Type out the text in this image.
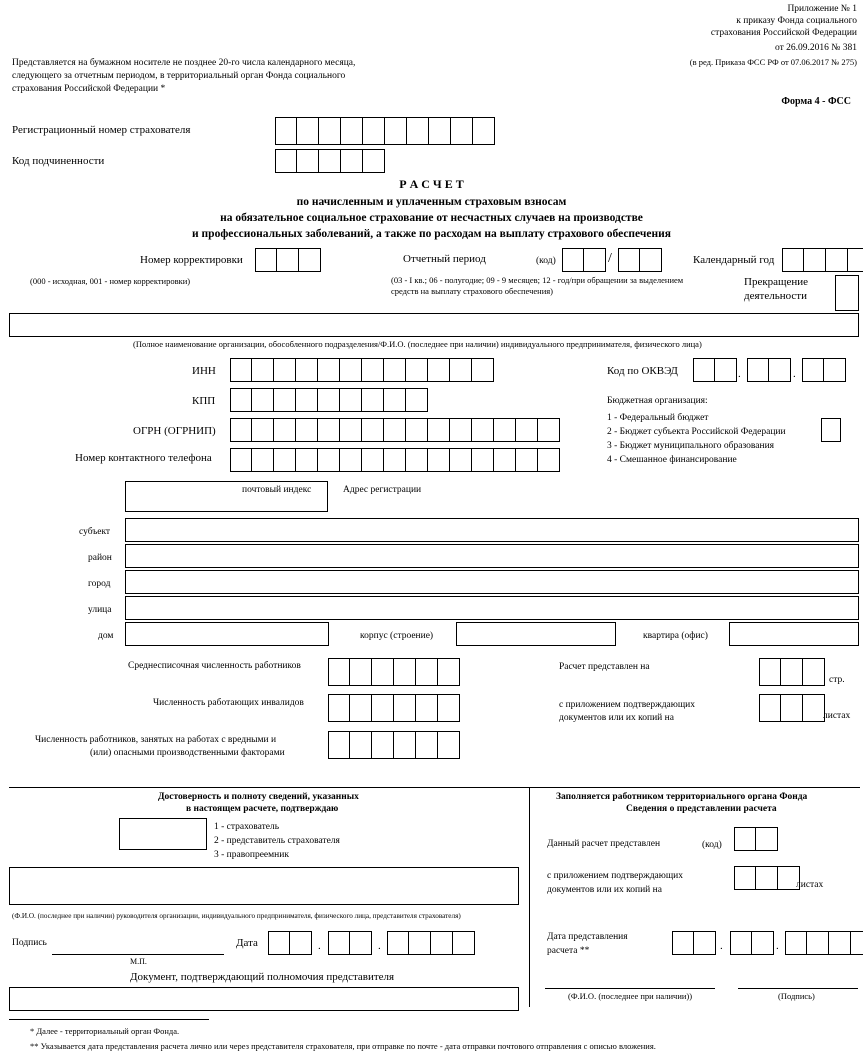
Приложение № 1
к приказу Фонда социального
страхования Российской Федерации
от 26.09.2016 № 381
(в ред. Приказа ФСС РФ от 07.06.2017 № 275)
Форма 4 - ФСС
Представляется на бумажном носителе не позднее 20-го числа календарного месяца,
следующего за отчетным периодом, в территориальный орган Фонда социального
страхования Российской Федерации *
Регистрационный номер страхователя
Код подчиненности
Р А С Ч Е Т
по начисленным и уплаченным страховым взносам
на обязательное социальное страхование от несчастных случаев на производстве
и профессиональных заболеваний, а также по расходам на выплату страхового обеспечения
Номер корректировки
(000 - исходная, 001 - номер корректировки)
Отчетный период	(код)	/
(03 - I кв.; 06 - полугодие; 09 - 9 месяцев; 12 - год/при обращении за выделением
средств на выплату страхового обеспечения)
Календарный год
Прекращение
деятельности
(Полное наименование организации, обособленного подразделения/Ф.И.О. (последнее при наличии) индивидуального предпринимателя, физического лица)
ИНН
КПП
ОГРН (ОГРНИП)
Номер контактного телефона
Код по ОКВЭД	.	.
Бюджетная организация:
1 - Федеральный бюджет
2 - Бюджет субъекта Российской Федерации
3 - Бюджет муниципального образования
4 - Смешанное финансирование
почтовый индекс	Адрес регистрации
субъект
район
город
улица
дом	корпус (строение)	квартира (офис)
Среднесписочная численность работников
Численность работающих инвалидов
Численность работников, занятых на работах с вредными и
(или) опасными производственными факторами
Расчет представлен на
стр.
с приложением подтверждающих
документов или их копий на	листах
Достоверность и полноту сведений, указанных
в настоящем расчете, подтверждаю
1 - страхователь
2 - представитель страхователя
3 - правопреемник
(Ф.И.О. (последнее при наличии) руководителя организации, индивидуального предпринимателя, физического лица, представителя страхователя)
Подпись
М.П.
Дата	.	.
Документ, подтверждающий полномочия представителя
Заполняется работником территориального органа Фонда
Сведения о представлении расчета
Данный расчет представлен	(код)
с приложением подтверждающих
документов или их копий на	листах
Дата представления
расчета **	.	.
(Ф.И.О. (последнее при наличии))	(Подпись)
* Далее - территориальный орган Фонда.
** Указывается дата представления расчета лично или через представителя страхователя, при отправке по почте - дата отправки почтового отправления с описью вложения.
